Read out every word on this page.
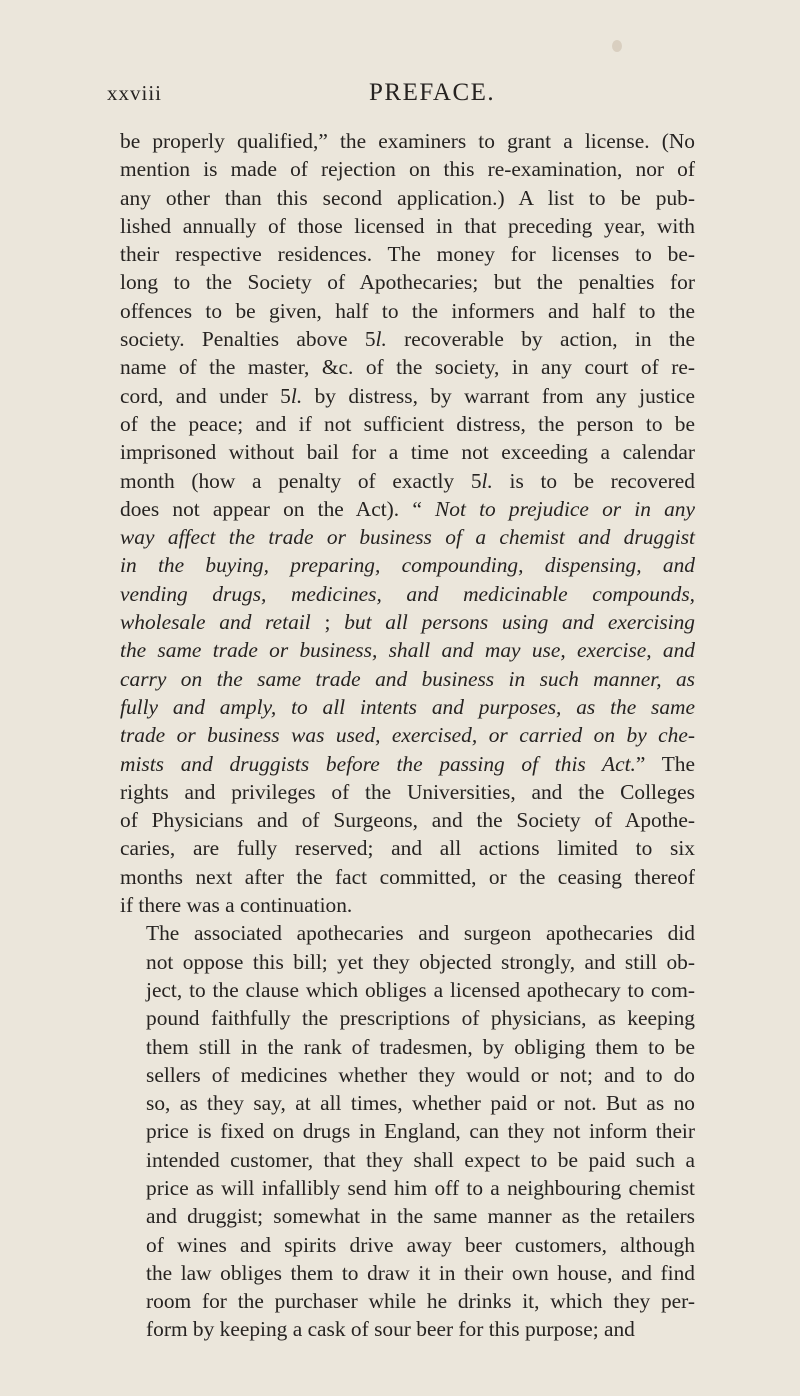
xxviii	PREFACE.

be properly qualified,” the examiners to grant a license. (No
mention is made of rejection on this re-examination, nor of
any other than this second application.) A list to be pub-
lished annually of those licensed in that preceding year, with
their respective residences. The money for licenses to be-
long to the Society of Apothecaries; but the penalties for
offences to be given, half to the informers and half to the
society. Penalties above 5l. recoverable by action, in the
name of the master, &c. of the society, in any court of re-
cord, and under 5l. by distress, by warrant from any justice
of the peace; and if not sufficient distress, the person to be
imprisoned without bail for a time not exceeding a calendar
month (how a penalty of exactly 5l. is to be recovered
does not appear on the Act). “ Not to prejudice or in any
way affect the trade or business of a chemist and druggist
in the buying, preparing, compounding, dispensing, and
vending drugs, medicines, and medicinable compounds,
wholesale and retail ; but all persons using and exercising
the same trade or business, shall and may use, exercise, and
carry on the same trade and business in such manner, as
fully and amply, to all intents and purposes, as the same
trade or business was used, exercised, or carried on by che-
mists and druggists before the passing of this Act.” The
rights and privileges of the Universities, and the Colleges
of Physicians and of Surgeons, and the Society of Apothe-
caries, are fully reserved; and all actions limited to six
months next after the fact committed, or the ceasing thereof
if there was a continuation.

The associated apothecaries and surgeon apothecaries did
not oppose this bill; yet they objected strongly, and still ob-
ject, to the clause which obliges a licensed apothecary to com-
pound faithfully the prescriptions of physicians, as keeping
them still in the rank of tradesmen, by obliging them to be
sellers of medicines whether they would or not; and to do
so, as they say, at all times, whether paid or not. But as no
price is fixed on drugs in England, can they not inform their
intended customer, that they shall expect to be paid such a
price as will infallibly send him off to a neighbouring chemist
and druggist; somewhat in the same manner as the retailers
of wines and spirits drive away beer customers, although
the law obliges them to draw it in their own house, and find
room for the purchaser while he drinks it, which they per-
form by keeping a cask of sour beer for this purpose; and
